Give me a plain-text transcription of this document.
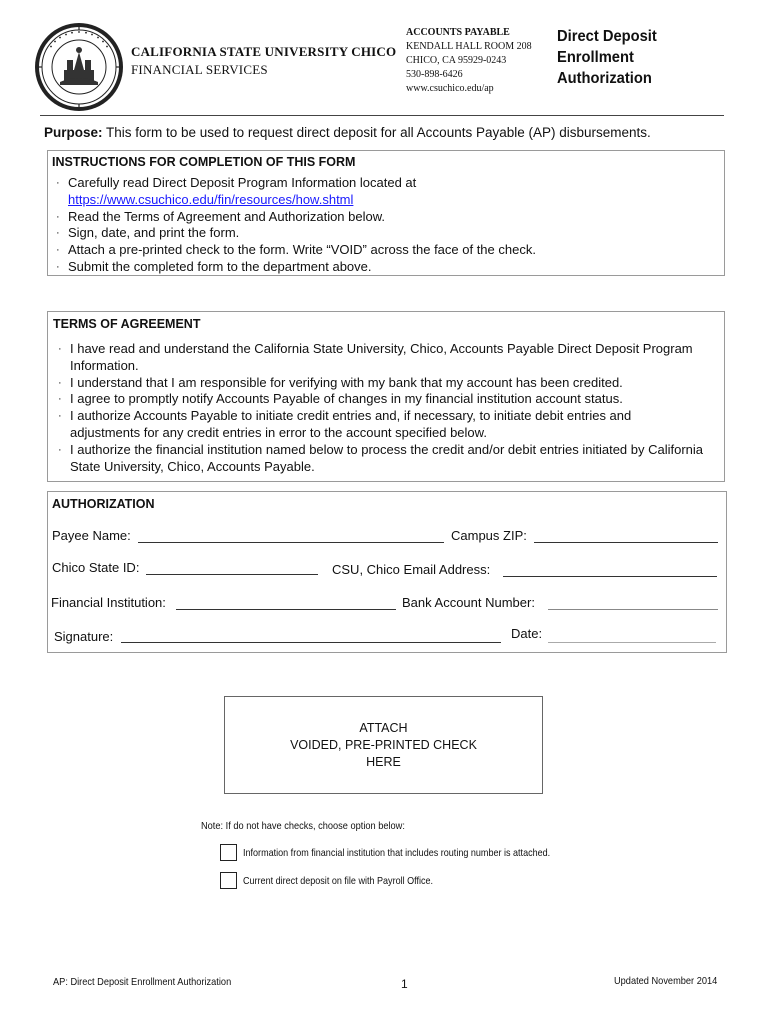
CALIFORNIA STATE UNIVERSITY CHICO
FINANCIAL SERVICES
ACCOUNTS PAYABLE
KENDALL HALL ROOM 208
CHICO, CA 95929-0243
530-898-6426
www.csuchico.edu/ap
Direct Deposit
Enrollment
Authorization
Purpose: This form to be used to request direct deposit for all Accounts Payable (AP) disbursements.
INSTRUCTIONS FOR COMPLETION OF THIS FORM
· Carefully read Direct Deposit Program Information located at
https://www.csuchico.edu/fin/resources/how.shtml
· Read the Terms of Agreement and Authorization below.
· Sign, date, and print the form.
· Attach a pre-printed check to the form. Write “VOID” across the face of the check.
· Submit the completed form to the department above.
TERMS OF AGREEMENT
· I have read and understand the California State University, Chico, Accounts Payable Direct Deposit Program Information.
· I understand that I am responsible for verifying with my bank that my account has been credited.
· I agree to promptly notify Accounts Payable of changes in my financial institution account status.
· I authorize Accounts Payable to initiate credit entries and, if necessary, to initiate debit entries and adjustments for any credit entries in error to the account specified below.
· I authorize the financial institution named below to process the credit and/or debit entries initiated by California State University, Chico, Accounts Payable.
AUTHORIZATION
Payee Name:	Campus ZIP:
Chico State ID:	CSU, Chico Email Address:
Financial Institution:	Bank Account Number:
Signature:	Date:
ATTACH
VOIDED, PRE-PRINTED CHECK
HERE
Note: If do not have checks, choose option below:
Information from financial institution that includes routing number is attached.
Current direct deposit on file with Payroll Office.
AP: Direct Deposit Enrollment Authorization	1	Updated November 2014
